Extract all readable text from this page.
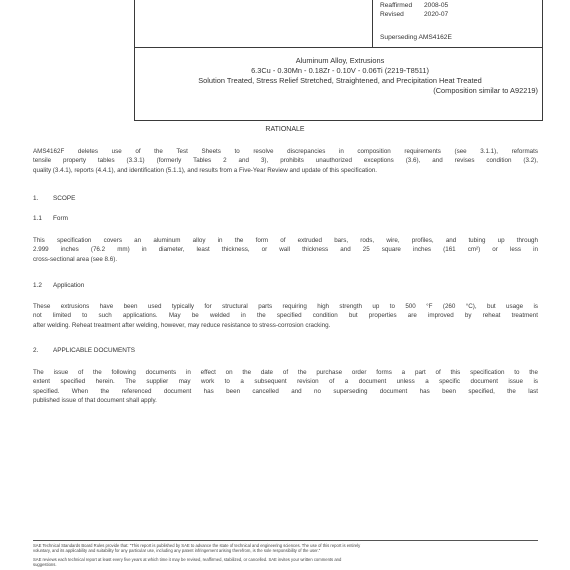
Reaffirmed 2008-05
Revised	2020-07
Superseding AMS4162E
Aluminum Alloy, Extrusions
6.3Cu - 0.30Mn - 0.18Zr - 0.10V - 0.06Ti (2219-T8511)
Solution Treated, Stress Relief Stretched, Straightened, and Precipitation Heat Treated
(Composition similar to A92219)
RATIONALE
AMS4162F deletes use of the Test Sheets to resolve discrepancies in composition requirements (see 3.1.1), reformats
tensile property tables (3.3.1) (formerly Tables 2 and 3), prohibits unauthorized exceptions (3.6), and revises condition (3.2),
quality (3.4.1), reports (4.4.1), and identification (5.1.1), and results from a Five-Year Review and update of this specification.
1. SCOPE
1.1 Form
This specification covers an aluminum alloy in the form of extruded bars, rods, wire, profiles, and tubing up through
2.999 inches (76.2 mm) in diameter, least thickness, or wall thickness and 25 square inches (161 cm²) or less in
cross-sectional area (see 8.6).
1.2 Application
These extrusions have been used typically for structural parts requiring high strength up to 500 °F (260 °C), but usage is
not limited to such applications. May be welded in the specified condition but properties are improved by reheat treatment
after welding. Reheat treatment after welding, however, may reduce resistance to stress-corrosion cracking.
2. APPLICABLE DOCUMENTS
The issue of the following documents in effect on the date of the purchase order forms a part of this specification to the
extent specified herein. The supplier may work to a subsequent revision of a document unless a specific document issue is
specified. When the referenced document has been cancelled and no superseding document has been specified, the last
published issue of that document shall apply.
SAE Technical Standards Board Rules provide that: "This report is published by SAE to advance the state of technical and engineering sciences. The use of this report is entirely
voluntary, and its applicability and suitability for any particular use, including any patent infringement arising therefrom, is the sole responsibility of the user."
SAE reviews each technical report at least every five years at which time it may be revised, reaffirmed, stabilized, or cancelled. SAE invites your written comments and
suggestions.
